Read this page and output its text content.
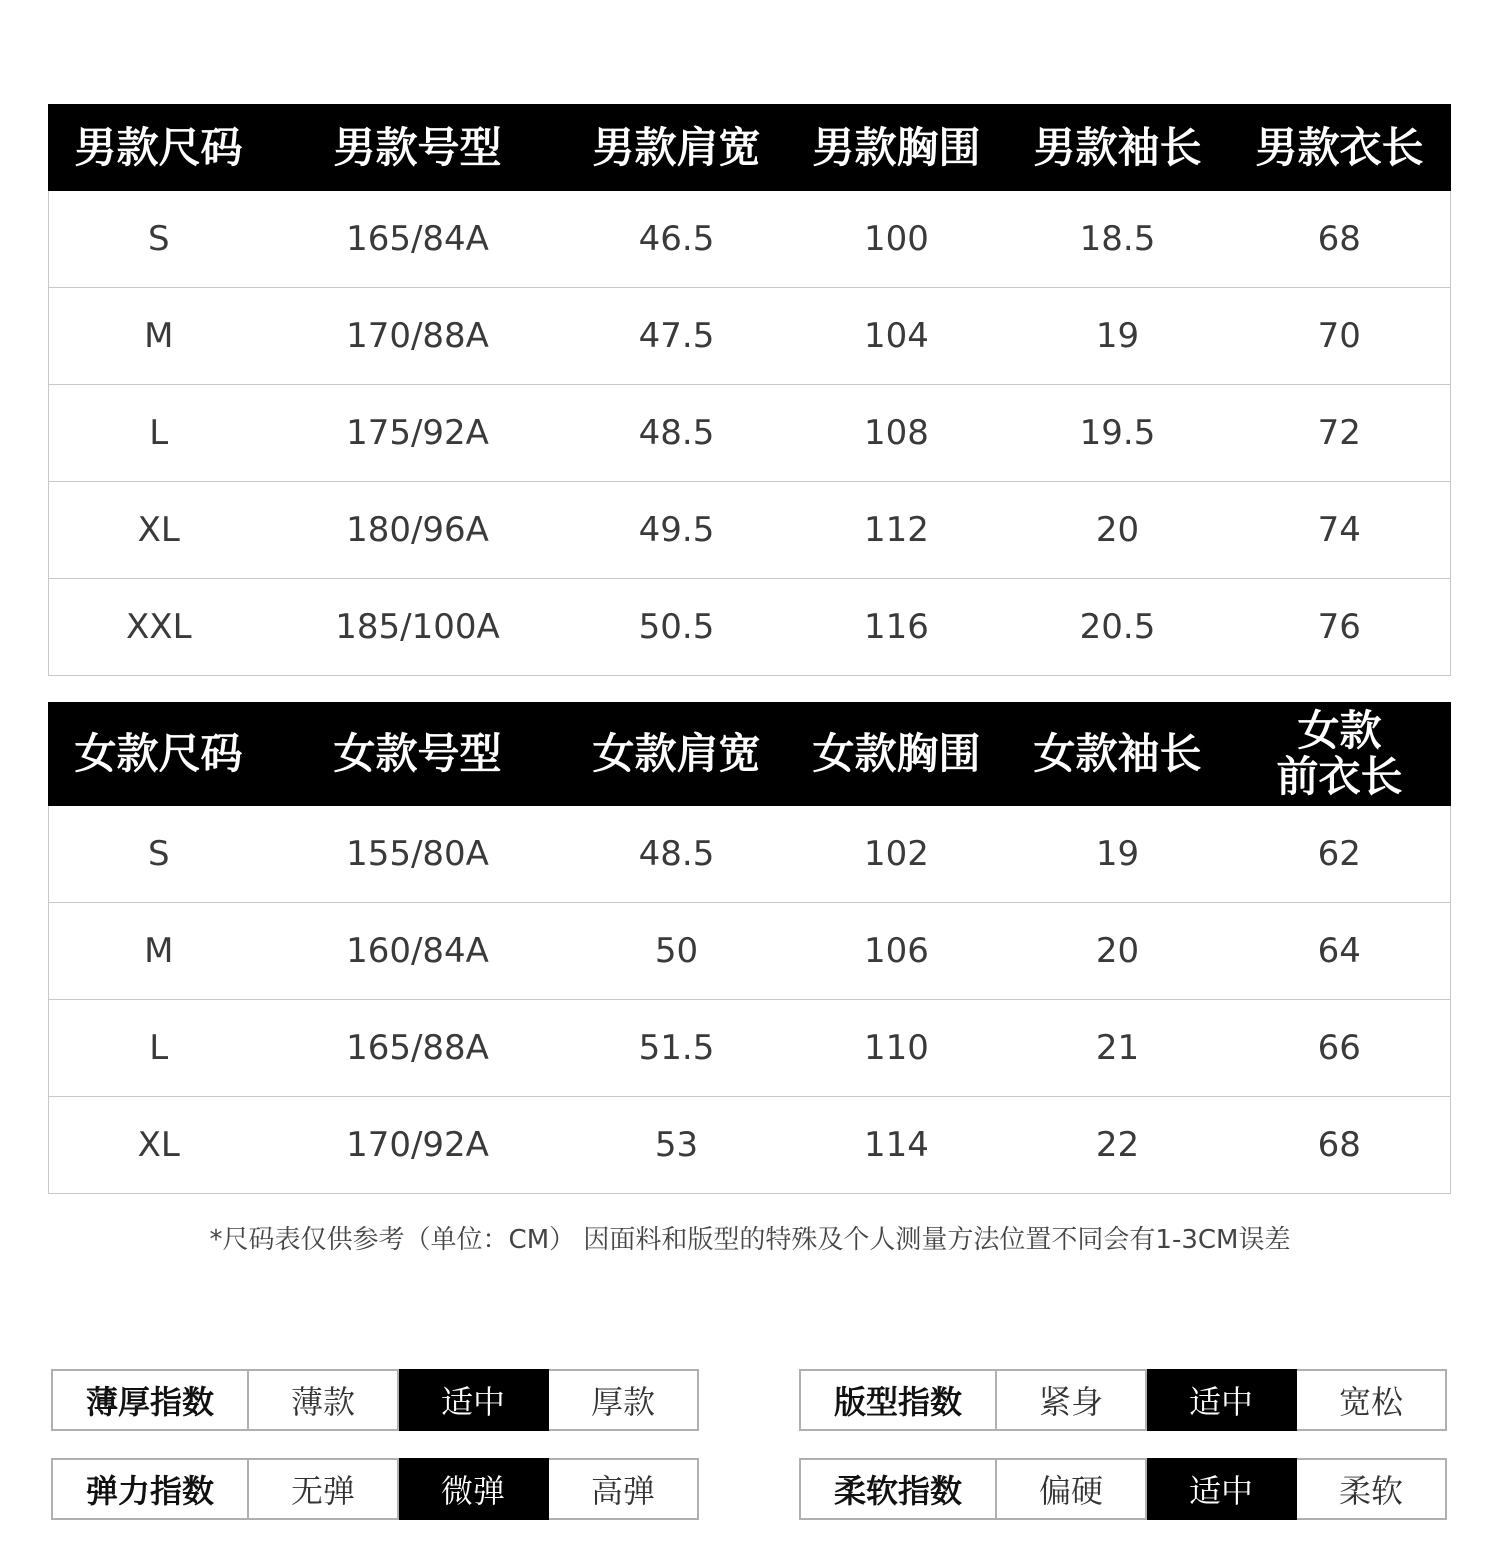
男款尺码	男款号型	男款肩宽	男款胸围	男款袖长	男款衣长
S	165/84A	46.5	100	18.5	68
M	170/88A	47.5	104	19	70
L	175/92A	48.5	108	19.5	72
XL	180/96A	49.5	112	20	74
XXL	185/100A	50.5	116	20.5	76
女款尺码	女款号型	女款肩宽	女款胸围	女款袖长	女款
前衣长

S	155/80A	48.5	102	19	62
M	160/84A	50	106	20	64
L	165/88A	51.5	110	21	66
XL	170/92A	53	114	22	68
*尺码表仅供参考（单位：CM） 因面料和版型的特殊及个人测量方法位置不同会有1-3CM误差
薄厚指数	薄款	适中	厚款	版型指数	紧身	适中	宽松
弹力指数	无弹	微弹	高弹	柔软指数	偏硬	适中	柔软
